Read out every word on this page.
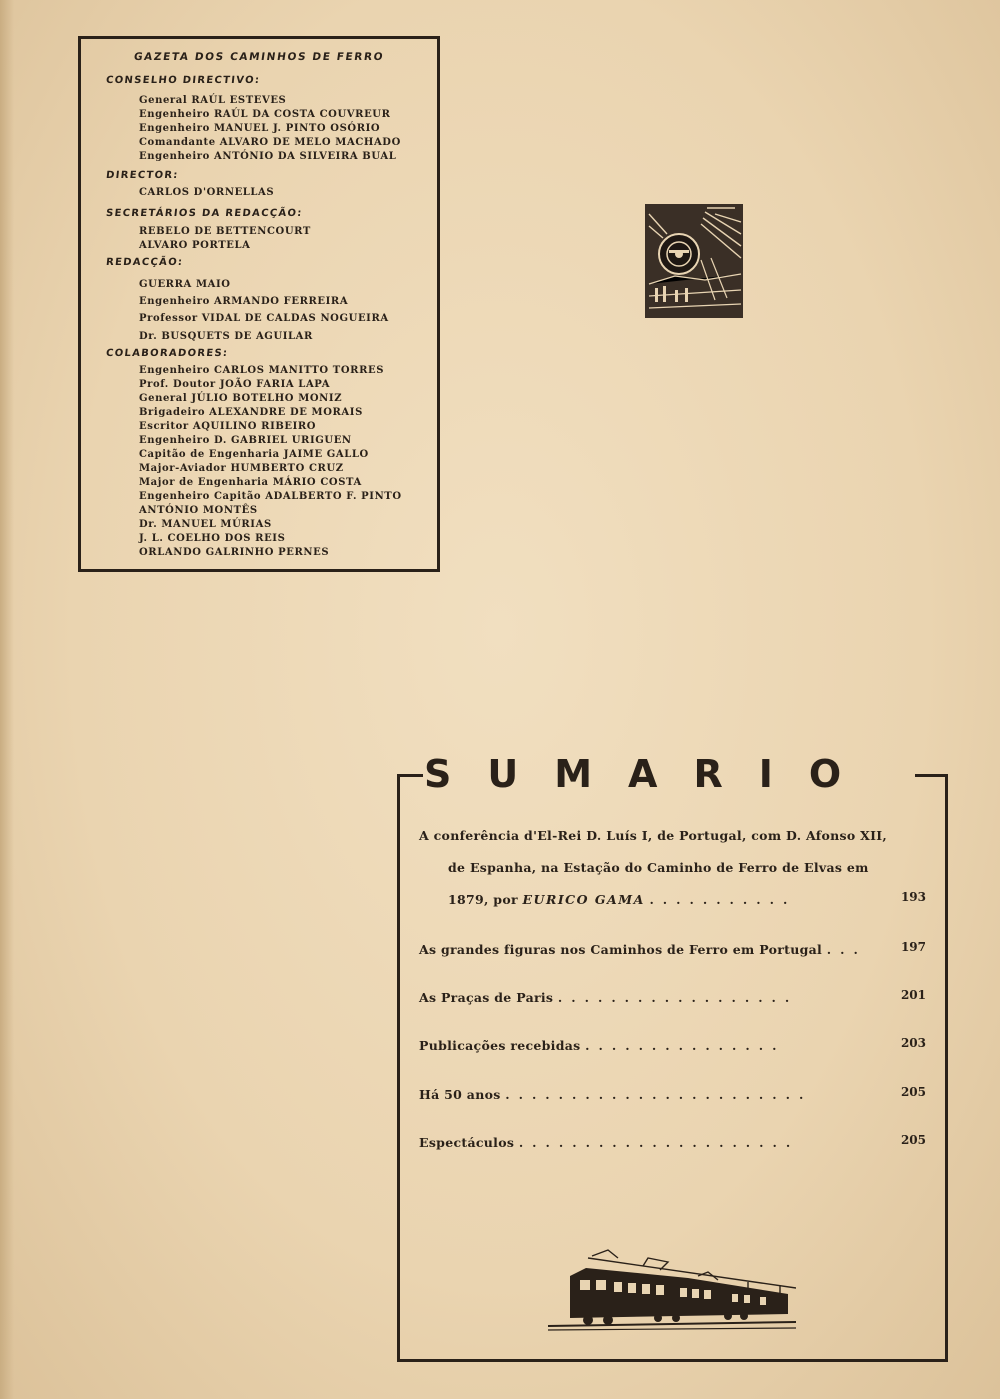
GAZETA DOS CAMINHOS DE FERRO
CONSELHO DIRECTIVO:
General RAÚL ESTEVES
Engenheiro RAÚL DA COSTA COUVREUR
Engenheiro MANUEL J. PINTO OSÓRIO
Comandante ALVARO DE MELO MACHADO
Engenheiro ANTÓNIO DA SILVEIRA BUAL
DIRECTOR:
CARLOS D'ORNELLAS
SECRETÁRIOS DA REDACÇÃO:
REBELO DE BETTENCOURT
ALVARO PORTELA
REDACÇÃO:
GUERRA MAIO
Engenheiro ARMANDO FERREIRA
Professor VIDAL DE CALDAS NOGUEIRA
Dr. BUSQUETS DE AGUILAR
COLABORADORES:
Engenheiro CARLOS MANITTO TORRES
Prof. Doutor JOÃO FARIA LAPA
General JÚLIO BOTELHO MONIZ
Brigadeiro ALEXANDRE DE MORAIS
Escritor AQUILINO RIBEIRO
Engenheiro D. GABRIEL URIGUEN
Capitão de Engenharia JAIME GALLO
Major-Aviador HUMBERTO CRUZ
Major de Engenharia MÁRIO COSTA
Engenheiro Capitão ADALBERTO F. PINTO
ANTÓNIO MONTÊS
Dr. MANUEL MÚRIAS
J. L. COELHO DOS REIS
ORLANDO GALRINHO PERNES
SUMARIO
A conferência d'El-Rei D. Luís I, de Portugal, com D. Afonso XII,
de Espanha, na Estação do Caminho de Ferro de Elvas em
1879, por EURICO GAMA ...........	193
As grandes figuras nos Caminhos de Ferro em Portugal ...	197
As Praças de Paris ..................	201
Publicações recebidas ...............	203
Há 50 anos .......................	205
Espectáculos .....................	205
